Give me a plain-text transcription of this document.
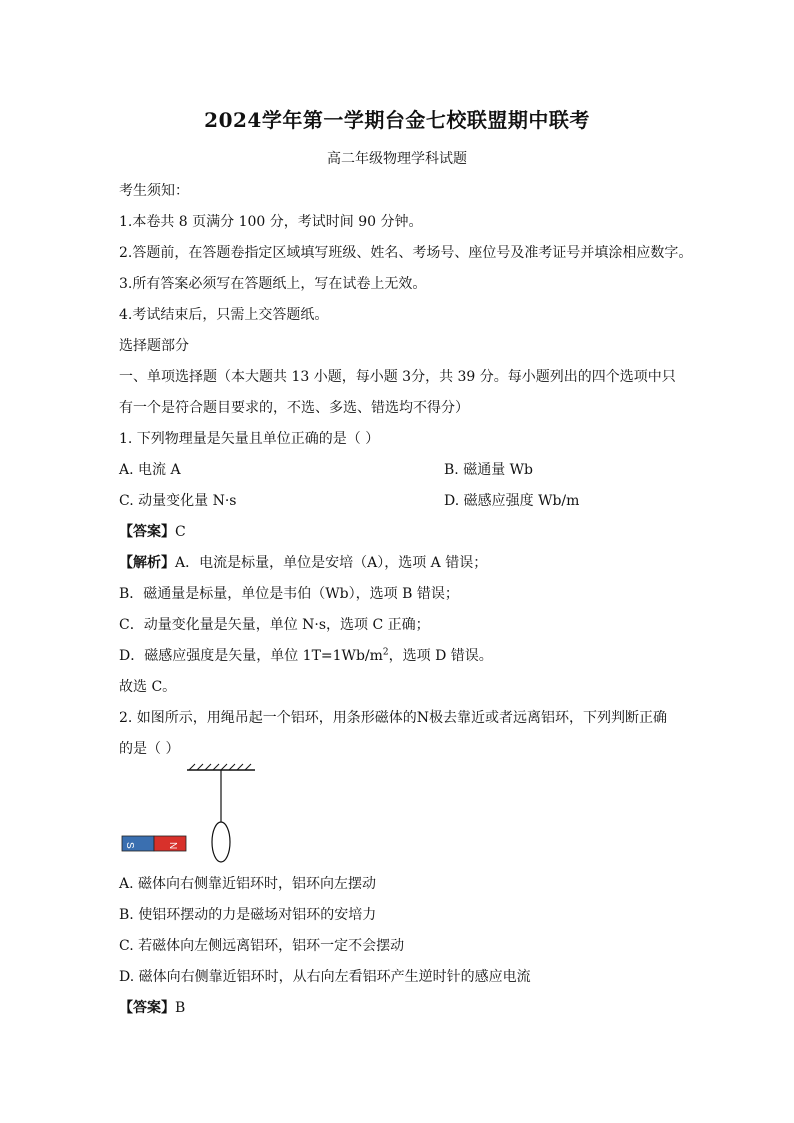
2024学年第一学期台金七校联盟期中联考
高二年级物理学科试题
考生须知：
1.本卷共 8 页满分 100 分，考试时间 90 分钟。
2.答题前，在答题卷指定区域填写班级、姓名、考场号、座位号及准考证号并填涂相应数字。
3.所有答案必须写在答题纸上，写在试卷上无效。
4.考试结束后，只需上交答题纸。
选择题部分
一、单项选择题（本大题共 13 小题，每小题 3分，共 39 分。每小题列出的四个选项中只
有一个是符合题目要求的，不选、多选、错选均不得分）
1. 下列物理量是矢量且单位正确的是（ ）
A. 电流 A	B. 磁通量 Wb
C. 动量变化量 N·s	D. 磁感应强度 Wb/m
【答案】C
【解析】A．电流是标量，单位是安培（A），选项 A 错误；
B．磁通量是标量，单位是韦伯（Wb），选项 B 错误；
C．动量变化量是矢量，单位 N·s，选项 C 正确；
D．磁感应强度是矢量，单位 $1T=1Wb/m^2$，选项 D 错误。
故选 C。
2. 如图所示，用绳吊起一个铝环，用条形磁体的N极去靠近或者远离铝环，下列判断正确
的是（ ）
S	N
A. 磁体向右侧靠近铝环时，铝环向左摆动
B. 使铝环摆动的力是磁场对铝环的安培力
C. 若磁体向左侧远离铝环，铝环一定不会摆动
D. 磁体向右侧靠近铝环时，从右向左看铝环产生逆时针的感应电流
【答案】B
